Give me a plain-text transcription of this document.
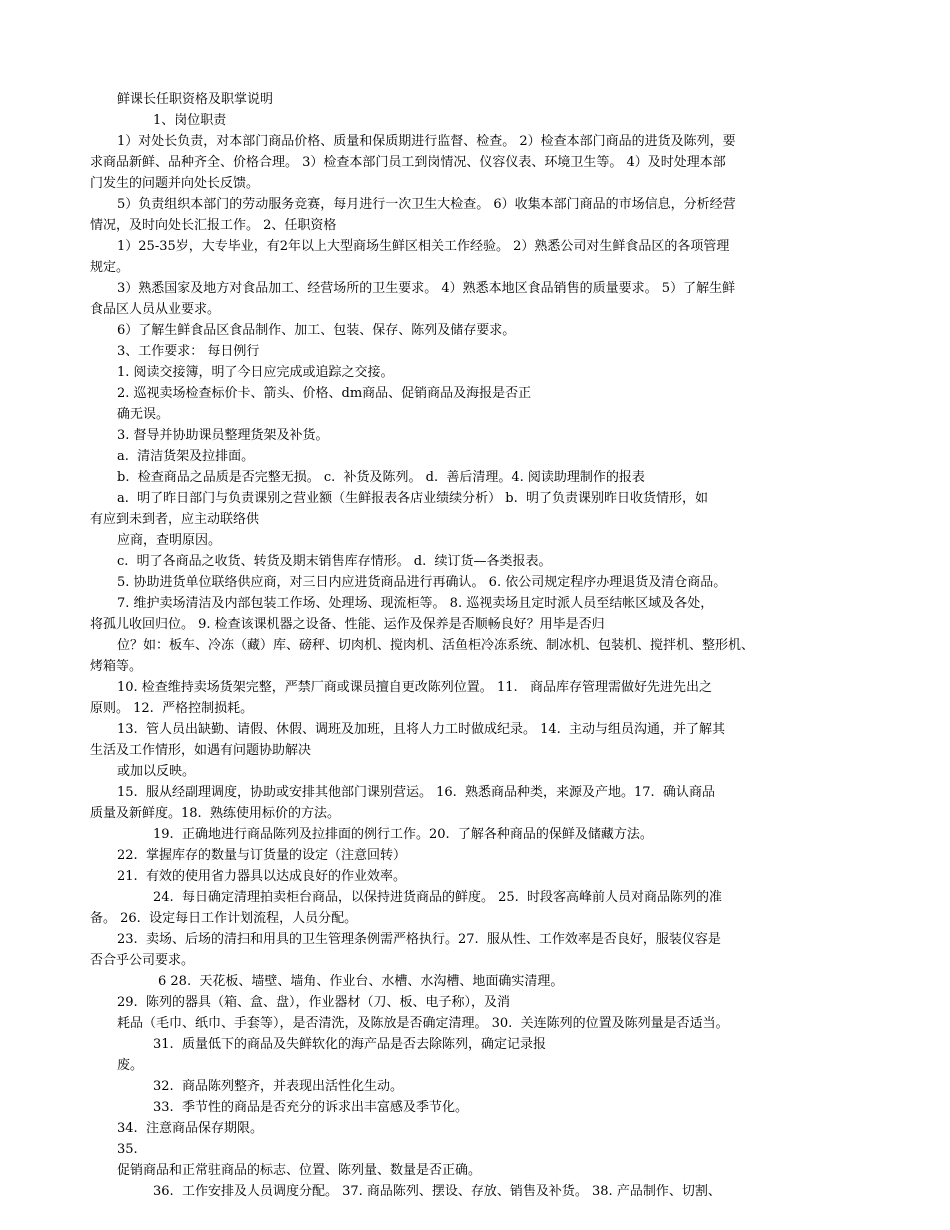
鲜课长任职资格及职掌说明
1、岗位职责
1）对处长负责，对本部门商品价格、质量和保质期进行监督、检查。 2）检查本部门商品的进货及陈列，要
求商品新鲜、品种齐全、价格合理。 3）检查本部门员工到岗情况、仪容仪表、环境卫生等。 4）及时处理本部
门发生的问题并向处长反馈。
5）负责组织本部门的劳动服务竞赛，每月进行一次卫生大检查。 6）收集本部门商品的市场信息，分析经营
情况，及时向处长汇报工作。 2、任职资格
1）25-35岁，大专毕业，有2年以上大型商场生鲜区相关工作经验。 2）熟悉公司对生鲜食品区的各项管理
规定。
3）熟悉国家及地方对食品加工、经营场所的卫生要求。 4）熟悉本地区食品销售的质量要求。 5）了解生鲜
食品区人员从业要求。
6）了解生鲜食品区食品制作、加工、包装、保存、陈列及储存要求。
3、工作要求： 每日例行
1. 阅读交接簿，明了今日应完成或追踪之交接。
2. 巡视卖场检查标价卡、箭头、价格、dm商品、促销商品及海报是否正
确无误。
3. 督导并协助课员整理货架及补货。
a.  清洁货架及拉排面。
b.  检查商品之品质是否完整无损。 c.  补货及陈列。 d.  善后清理。4. 阅读助理制作的报表
a.  明了昨日部门与负责课别之营业额（生鲜报表各店业绩续分析） b.  明了负责课别昨日收货情形，如
有应到未到者，应主动联络供
应商，查明原因。
c.  明了各商品之收货、转货及期末销售库存情形。 d.  续订货—各类报表。
5. 协助进货单位联络供应商，对三日内应进货商品进行再确认。 6. 依公司规定程序办理退货及清仓商品。
7. 维护卖场清洁及内部包装工作场、处理场、现流柜等。 8. 巡视卖场且定时派人员至结帐区域及各处，
将孤儿收回归位。 9. 检查该课机器之设备、性能、运作及保养是否顺畅良好？用毕是否归
位？如：板车、冷冻（藏）库、磅秤、切肉机、搅肉机、活鱼柜冷冻系统、制冰机、包装机、搅拌机、整形机、
烤箱等。
10. 检查维持卖场货架完整，严禁厂商或课员擅自更改陈列位置。 11.   商品库存管理需做好先进先出之
原则。 12.  严格控制损耗。
13.  管人员出缺勤、请假、休假、调班及加班，且将人力工时做成纪录。 14.  主动与组员沟通，并了解其
生活及工作情形，如遇有问题协助解决
或加以反映。
15.  服从经副理调度，协助或安排其他部门课别营运。 16.  熟悉商品种类，来源及产地。17.  确认商品
质量及新鲜度。18.  熟练使用标价的方法。
19.  正确地进行商品陈列及拉排面的例行工作。20.  了解各种商品的保鲜及储藏方法。
22.  掌握库存的数量与订货量的设定（注意回转）
21.  有效的使用省力器具以达成良好的作业效率。
24.  每日确定清理拍卖柜台商品，以保持进货商品的鲜度。 25.  时段客高峰前人员对商品陈列的准
备。 26.  设定每日工作计划流程，人员分配。
23.  卖场、后场的清扫和用具的卫生管理条例需严格执行。27.  服从性、工作效率是否良好，服装仪容是
否合乎公司要求。
6 28.  天花板、墙壁、墙角、作业台、水槽、水沟槽、地面确实清理。
29.  陈列的器具（箱、盒、盘），作业器材（刀、板、电子称），及消
耗品（毛巾、纸巾、手套等），是否清洗，及陈放是否确定清理。 30.  关连陈列的位置及陈列量是否适当。
31.  质量低下的商品及失鲜软化的海产品是否去除陈列，确定记录报
废。
32.  商品陈列整齐，并表现出活性化生动。
33.  季节性的商品是否充分的诉求出丰富感及季节化。
34.  注意商品保存期限。
35.
促销商品和正常驻商品的标志、位置、陈列量、数量是否正确。
36.  工作安排及人员调度分配。 37. 商品陈列、摆设、存放、销售及补货。 38. 产品制作、切割、
